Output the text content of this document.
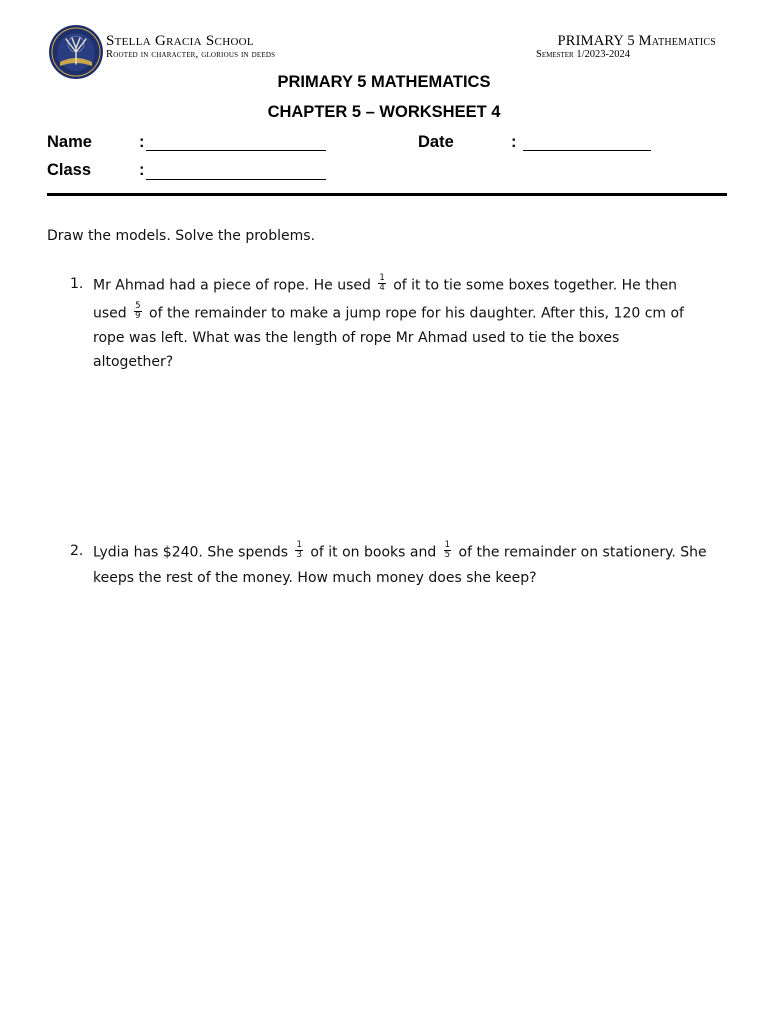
Stella Gracia School
Rooted in character, glorious in deeds
PRIMARY 5 Mathematics
Semester 1/2023-2024
PRIMARY 5 MATHEMATICS
CHAPTER 5 – WORKSHEET 4
Name	:	Date	:
Class	:
Draw the models. Solve the problems.
1. Mr Ahmad had a piece of rope. He used $\frac{1}{4}$ of it to tie some boxes together. He then
used $\frac{5}{9}$ of the remainder to make a jump rope for his daughter. After this, 120 cm of
rope was left. What was the length of rope Mr Ahmad used to tie the boxes
altogether?
2. Lydia has $240. She spends $\frac{1}{3}$ of it on books and $\frac{1}{5}$ of the remainder on stationery. She
keeps the rest of the money. How much money does she keep?
